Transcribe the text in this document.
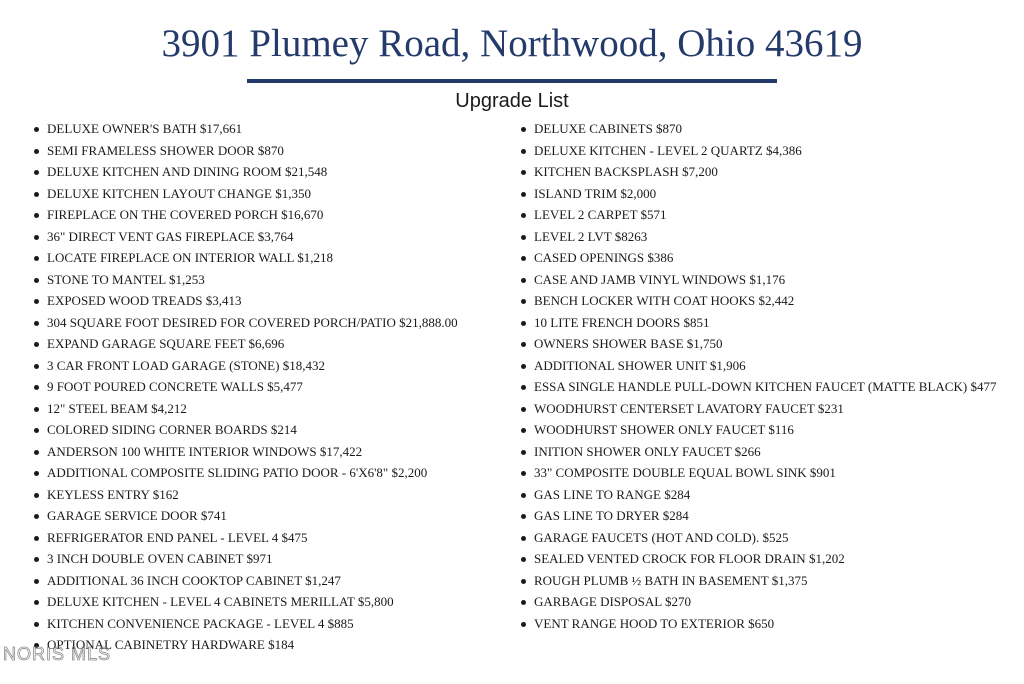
3901 Plumey Road, Northwood, Ohio 43619
Upgrade List
DELUXE OWNER'S BATH $17,661
SEMI FRAMELESS SHOWER DOOR $870
DELUXE KITCHEN AND DINING ROOM $21,548
DELUXE KITCHEN LAYOUT CHANGE $1,350
FIREPLACE ON THE COVERED PORCH $16,670
36" DIRECT VENT GAS FIREPLACE $3,764
LOCATE FIREPLACE ON INTERIOR WALL $1,218
STONE TO MANTEL $1,253
EXPOSED WOOD TREADS $3,413
304 SQUARE FOOT DESIRED FOR COVERED PORCH/PATIO $21,888.00
EXPAND GARAGE SQUARE FEET $6,696
3 CAR FRONT LOAD GARAGE (STONE) $18,432
9 FOOT POURED CONCRETE WALLS $5,477
12" STEEL BEAM $4,212
COLORED SIDING CORNER BOARDS $214
ANDERSON 100 WHITE INTERIOR WINDOWS $17,422
ADDITIONAL COMPOSITE SLIDING PATIO DOOR - 6'X6'8" $2,200
KEYLESS ENTRY $162
GARAGE SERVICE DOOR $741
REFRIGERATOR END PANEL - LEVEL 4 $475
3 INCH DOUBLE OVEN CABINET $971
ADDITIONAL 36 INCH COOKTOP CABINET $1,247
DELUXE KITCHEN - LEVEL 4 CABINETS MERILLAT $5,800
KITCHEN CONVENIENCE PACKAGE - LEVEL 4 $885
OPTIONAL CABINETRY HARDWARE $184
DELUXE CABINETS $870
DELUXE KITCHEN - LEVEL 2 QUARTZ $4,386
KITCHEN BACKSPLASH $7,200
ISLAND TRIM $2,000
LEVEL 2 CARPET $571
LEVEL 2 LVT $8263
CASED OPENINGS $386
CASE AND JAMB VINYL WINDOWS $1,176
BENCH LOCKER WITH COAT HOOKS $2,442
10 LITE FRENCH DOORS $851
OWNERS SHOWER BASE $1,750
ADDITIONAL SHOWER UNIT $1,906
ESSA SINGLE HANDLE PULL-DOWN KITCHEN FAUCET (MATTE BLACK) $477
WOODHURST CENTERSET LAVATORY FAUCET $231
WOODHURST SHOWER ONLY FAUCET $116
INITION SHOWER ONLY FAUCET $266
33" COMPOSITE DOUBLE EQUAL BOWL SINK $901
GAS LINE TO RANGE $284
GAS LINE TO DRYER $284
GARAGE FAUCETS (HOT AND COLD). $525
SEALED VENTED CROCK FOR FLOOR DRAIN $1,202
ROUGH PLUMB ½ BATH IN BASEMENT $1,375
GARBAGE DISPOSAL $270
VENT RANGE HOOD TO EXTERIOR $650
NORIS MLS
